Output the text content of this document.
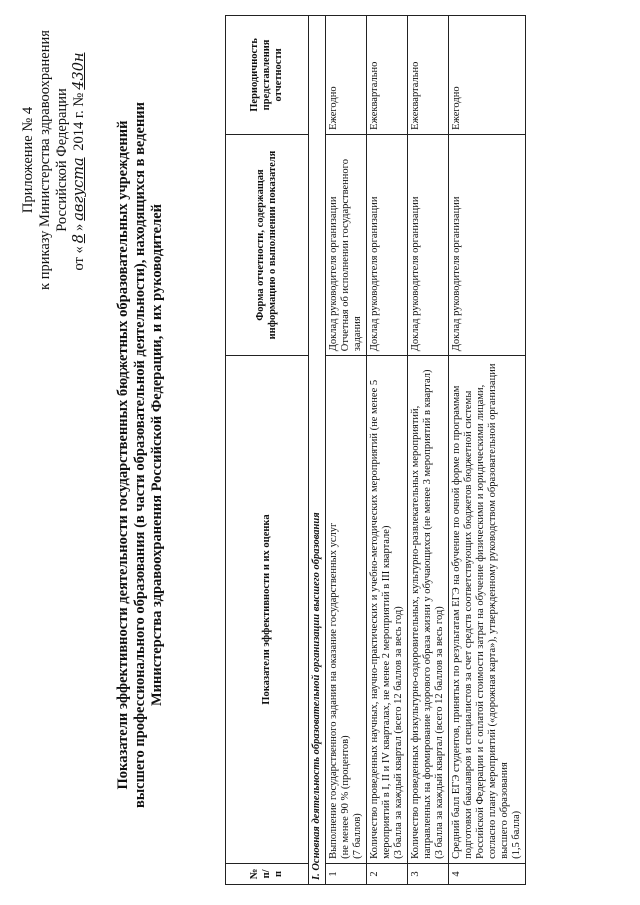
Приложение № 4 к приказу Министерства здравоохранения Российской Федерации
от «8»августа 2014 г. №430н
Показатели эффективности деятельности государственных бюджетных образовательных учреждений высшего профессионального образования (в части образовательной деятельности), находящихся в ведении Министерства здравоохранения Российской Федерации, и их руководителей
№ п/п	Показатели эффективности и их оценка	Форма отчетности, содержащая информацию о выполнении показателя	Периодичность представления отчетности
I. Основная деятельность образовательной организации высшего образования			
1	Выполнение государственного задания на оказание государственных услуг (не менее 90 % (процентов) (7 баллов)	Доклад руководителя организации Отчетная об исполнении государственного задания	Ежегодно
2	Количество проведенных научных, научно-практических и учебно-методических мероприятий (не менее 5 мероприятий в I, II и IV кварталах, не менее 2 мероприятий в III квартале) (3 балла за каждый квартал (всего 12 баллов за весь год)	Доклад руководителя организации	Ежеквартально
3	Количество проведенных физкультурно-оздоровительных, культурно-развлекательных мероприятий, направленных на формирование здорового образа жизни у обучающихся (не менее 3 мероприятий в квартал) (3 балла за каждый квартал (всего 12 баллов за весь год)	Доклад руководителя организации	Ежеквартально
4	Средний балл ЕГЭ студентов, принятых по результатам ЕГЭ на обучение по очной форме по программам подготовки бакалавров и специалистов за счет средств соответствующих бюджетов бюджетной системы Российской Федерации и с оплатой стоимости затрат на обучение физическими и юридическими лицами, согласно плану мероприятий («дорожная карта»), утвержденному руководством образовательной организации высшего образования (1,5 балла)	Доклад руководителя организации	Ежегодно
